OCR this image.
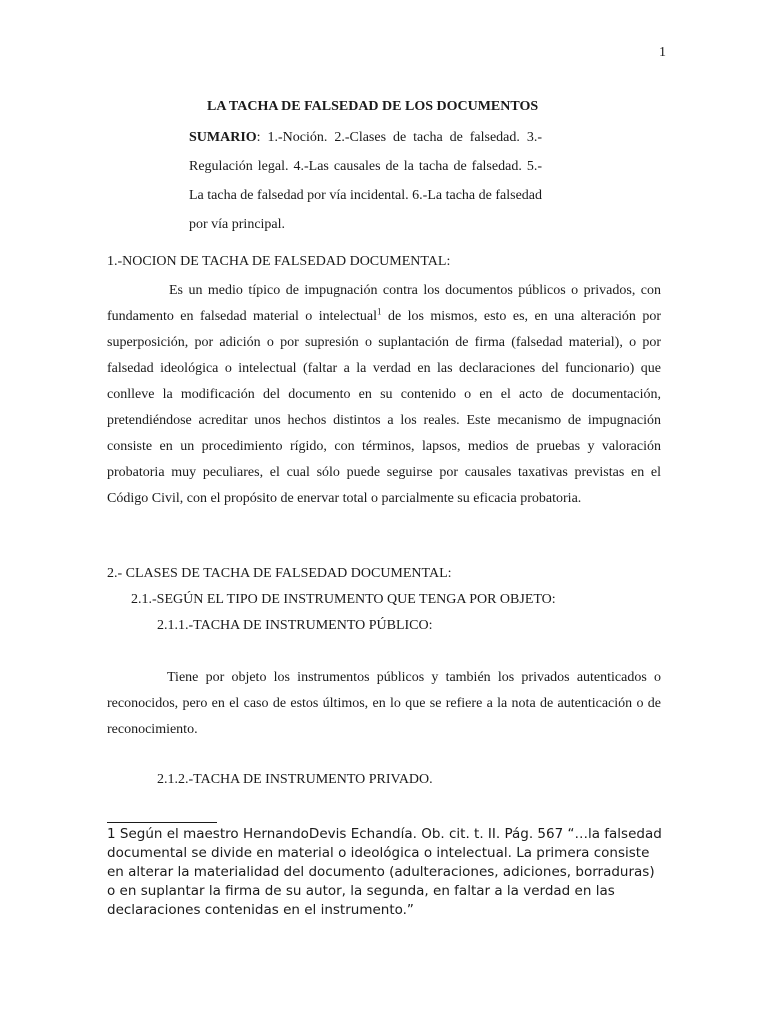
1
LA TACHA DE FALSEDAD DE LOS DOCUMENTOS
SUMARIO: 1.-Noción. 2.-Clases de tacha de falsedad. 3.- Regulación legal. 4.-Las causales de la tacha de falsedad. 5.- La tacha de falsedad por vía incidental. 6.-La tacha de falsedad por vía principal.
1.-NOCION DE TACHA DE FALSEDAD DOCUMENTAL:
Es un medio típico de impugnación contra los documentos públicos o privados, con fundamento en falsedad material o intelectual$^1$ de los mismos, esto es, en una alteración por superposición, por adición o por supresión o suplantación de firma (falsedad material), o por falsedad ideológica o intelectual (faltar a la verdad en las declaraciones del funcionario) que conlleve la modificación del documento en su contenido o en el acto de documentación, pretendiéndose acreditar unos hechos distintos a los reales. Este mecanismo de impugnación consiste en un procedimiento rígido, con términos, lapsos, medios de pruebas y valoración probatoria muy peculiares, el cual sólo puede seguirse por causales taxativas previstas en el Código Civil, con el propósito de enervar total o parcialmente su eficacia probatoria.
2.- CLASES DE TACHA DE FALSEDAD DOCUMENTAL:
2.1.-SEGÚN EL TIPO DE INSTRUMENTO QUE TENGA POR OBJETO:
2.1.1.-TACHA DE INSTRUMENTO PÚBLICO:
Tiene por objeto los instrumentos públicos y también los privados autenticados o reconocidos, pero en el caso de estos últimos, en lo que se refiere a la nota de autenticación o de reconocimiento.
2.1.2.-TACHA DE INSTRUMENTO PRIVADO.
1 Según el maestro HernandoDevis Echandía. Ob. cit. t. II. Pág. 567 “…la falsedad documental se divide en material o ideológica o intelectual. La primera consiste en alterar la materialidad del documento (adulteraciones, adiciones, borraduras) o en suplantar la firma de su autor, la segunda, en faltar a la verdad en las declaraciones contenidas en el instrumento.”
